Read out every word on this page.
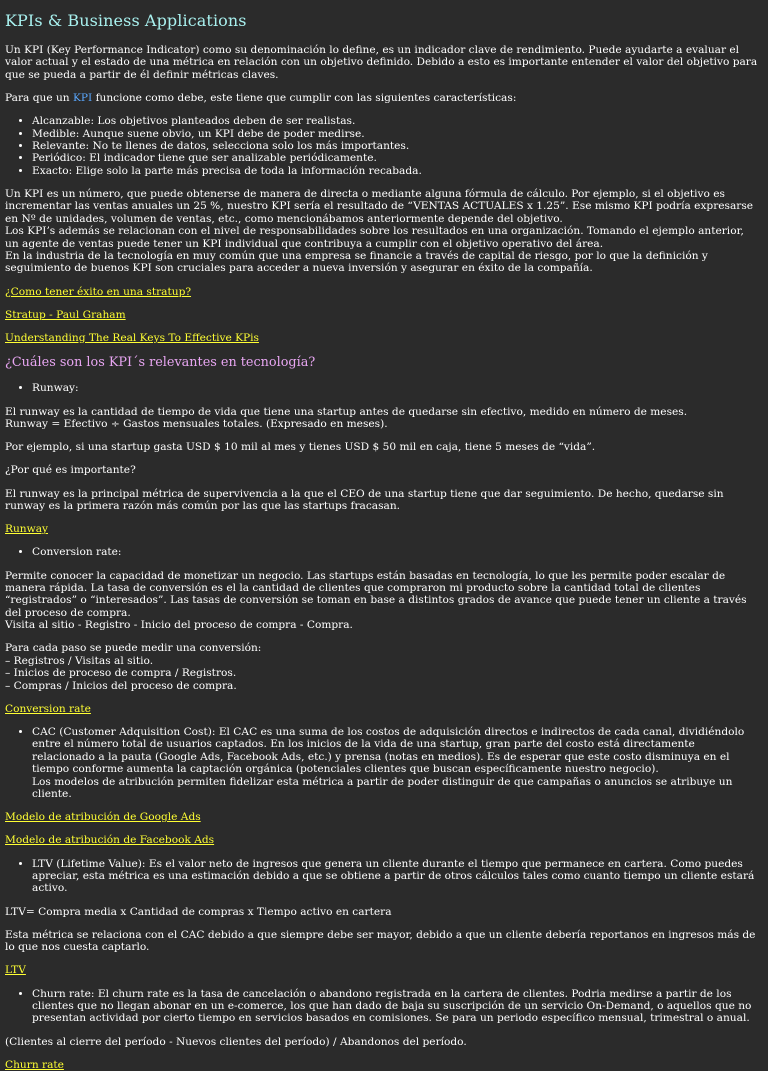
KPIs & Business Applications

Un KPI (Key Performance Indicator) como su denominación lo define, es un indicador clave de rendimiento. Puede ayudarte a evaluar el valor actual y el estado de una métrica en relación con un objetivo definido. Debido a esto es importante entender el valor del objetivo para que se pueda a partir de él definir métricas claves.

Para que un KPI funcione como debe, este tiene que cumplir con las siguientes características:

• Alcanzable: Los objetivos planteados deben de ser realistas.
• Medible: Aunque suene obvio, un KPI debe de poder medirse.
• Relevante: No te llenes de datos, selecciona solo los más importantes.
• Periódico: El indicador tiene que ser analizable periódicamente.
• Exacto: Elige solo la parte más precisa de toda la información recabada.

Un KPI es un número, que puede obtenerse de manera de directa o mediante alguna fórmula de cálculo. Por ejemplo, si el objetivo es incrementar las ventas anuales un 25 %, nuestro KPI sería el resultado de “VENTAS ACTUALES x 1.25”. Ese mismo KPI podría expresarse en Nº de unidades, volumen de ventas, etc., como mencionábamos anteriormente depende del objetivo.
Los KPI’s además se relacionan con el nivel de responsabilidades sobre los resultados en una organización. Tomando el ejemplo anterior, un agente de ventas puede tener un KPI individual que contribuya a cumplir con el objetivo operativo del área.
En la industria de la tecnología en muy común que una empresa se financie a través de capital de riesgo, por lo que la definición y seguimiento de buenos KPI son cruciales para acceder a nueva inversión y asegurar en éxito de la compañía.

¿Como tener éxito en una stratup?

Stratup - Paul Graham

Understanding The Real Keys To Effective KPis

¿Cuáles son los KPI´s relevantes en tecnología?
• Runway:

El runway es la cantidad de tiempo de vida que tiene una startup antes de quedarse sin efectivo, medido en número de meses.
Runway = Efectivo ÷ Gastos mensuales totales. (Expresado en meses).

Por ejemplo, si una startup gasta USD $ 10 mil al mes y tienes USD $ 50 mil en caja, tiene 5 meses de “vida”.

¿Por qué es importante?

El runway es la principal métrica de supervivencia a la que el CEO de una startup tiene que dar seguimiento. De hecho, quedarse sin runway es la primera razón más común por las que las startups fracasan.

Runway

• Conversion rate:

Permite conocer la capacidad de monetizar un negocio. Las startups están basadas en tecnología, lo que les permite poder escalar de manera rápida. La tasa de conversión es el la cantidad de clientes que compraron mi producto sobre la cantidad total de clientes “registrados” o “interesados”. Las tasas de conversión se toman en base a distintos grados de avance que puede tener un cliente a través del proceso de compra.
Visita al sitio - Registro - Inicio del proceso de compra - Compra.

Para cada paso se puede medir una conversión:
– Registros / Visitas al sitio.
– Inicios de proceso de compra / Registros.
– Compras / Inicios del proceso de compra.

Conversion rate

• CAC (Customer Adquisition Cost): El CAC es una suma de los costos de adquisición directos e indirectos de cada canal, dividiéndolo entre el número total de usuarios captados. En los inicios de la vida de una startup, gran parte del costo está directamente relacionado a la pauta (Google Ads, Facebook Ads, etc.) y prensa (notas en medios). Es de esperar que este costo disminuya en el tiempo conforme aumenta la captación orgánica (potenciales clientes que buscan específicamente nuestro negocio).
Los modelos de atribución permiten fidelizar esta métrica a partir de poder distinguir de que campañas o anuncios se atribuye un cliente.

Modelo de atribución de Google Ads

Modelo de atribución de Facebook Ads

• LTV (Lifetime Value): Es el valor neto de ingresos que genera un cliente durante el tiempo que permanece en cartera. Como puedes apreciar, esta métrica es una estimación debido a que se obtiene a partir de otros cálculos tales como cuanto tiempo un cliente estará activo.

LTV= Compra media x Cantidad de compras x Tiempo activo en cartera

Esta métrica se relaciona con el CAC debido a que siempre debe ser mayor, debido a que un cliente debería reportanos en ingresos más de lo que nos cuesta captarlo.

LTV

• Churn rate: El churn rate es la tasa de cancelación o abandono registrada en la cartera de clientes. Podria medirse a partir de los clientes que no llegan abonar en un e-comerce, los que han dado de baja su suscripción de un servicio On-Demand, o aquellos que no presentan actividad por cierto tiempo en servicios basados en comisiones. Se para un periodo específico mensual, trimestral o anual.

(Clientes al cierre del período - Nuevos clientes del período) / Abandonos del período.

Churn rate
